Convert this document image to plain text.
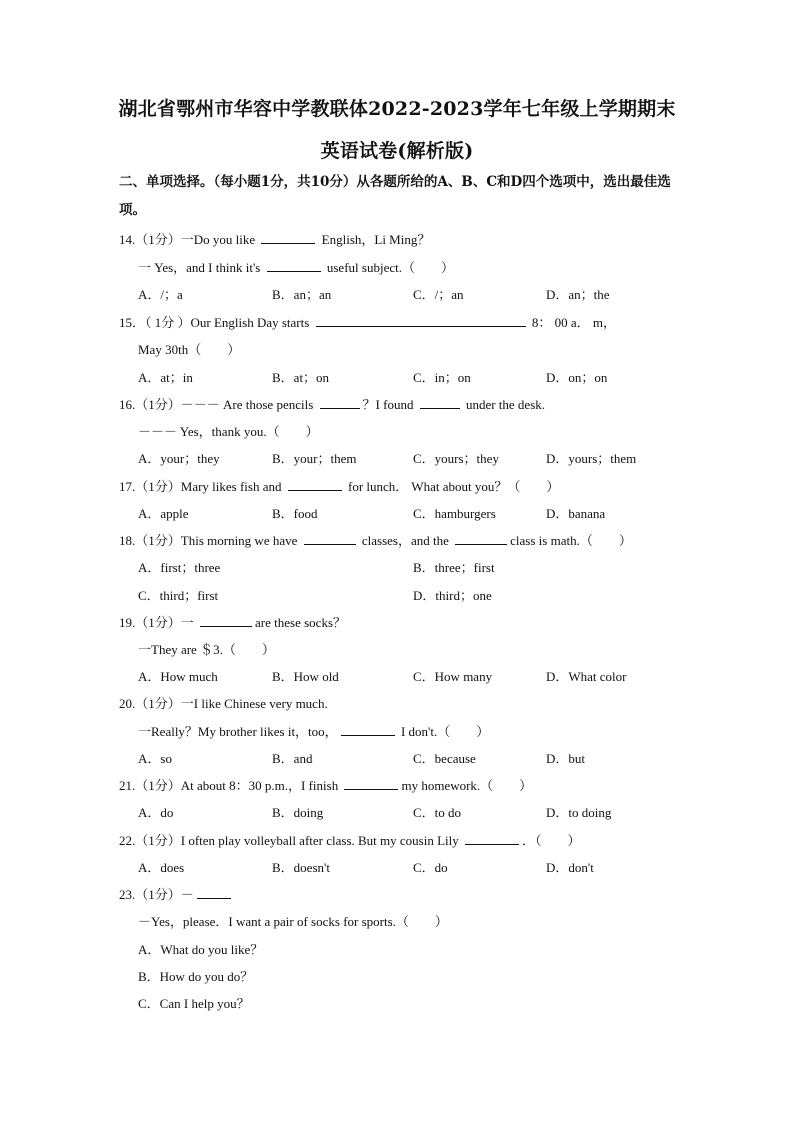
湖北省鄂州市华容中学教联体2022-2023学年七年级上学期期末
英语试卷(解析版)
二、单项选择。（每小题1分，共10分）从各题所给的A、B、C和D四个选项中，选出最佳选项。
14.（1分）一Do you like	English，Li Ming？
一 Yes，and I think it's	useful subject.（　　）
A．/；a	B．an；an	C．/；an	D．an；the
15．（ 1分 ）Our English Day starts	8： 00 a． m，
May 30th（　　）
A．at；in	B．at；on	C．in；on	D．on；on
16.（1分）－－－ Are those pencils	？I found	under the desk.
－－－ Yes，thank you.（　　）
A．your；they	B．your；them	C．yours；they	D．yours；them
17.（1分）Mary likes fish and	for lunch． What about you？（　　）
A．apple	B．food	C．hamburgers	D．banana
18.（1分）This morning we have	classes，and the	class is math.（　　）
A．first；three	B．three；first
C．third；first	D．third；one
19.（1分）一	are these socks？
一They are ＄3.（　　）
A．How much	B．How old	C．How many	D．What color
20.（1分）一I like Chinese very much.
一Really？My brother likes it，too，	I don't.（　　）
A．so	B．and	C．because	D．but
21.（1分）At about 8：30 p.m.，I finish	my homework.（　　）
A．do	B．doing	C．to do	D．to doing
22.（1分）I often play volleyball after class. But my cousin Lily	．（　　）
A．does	B．doesn't	C．do	D．don't
23.（1分）－
－Yes，please．I want a pair of socks for sports.（　　）
A．What do you like？
B．How do you do？
C．Can I help you？
